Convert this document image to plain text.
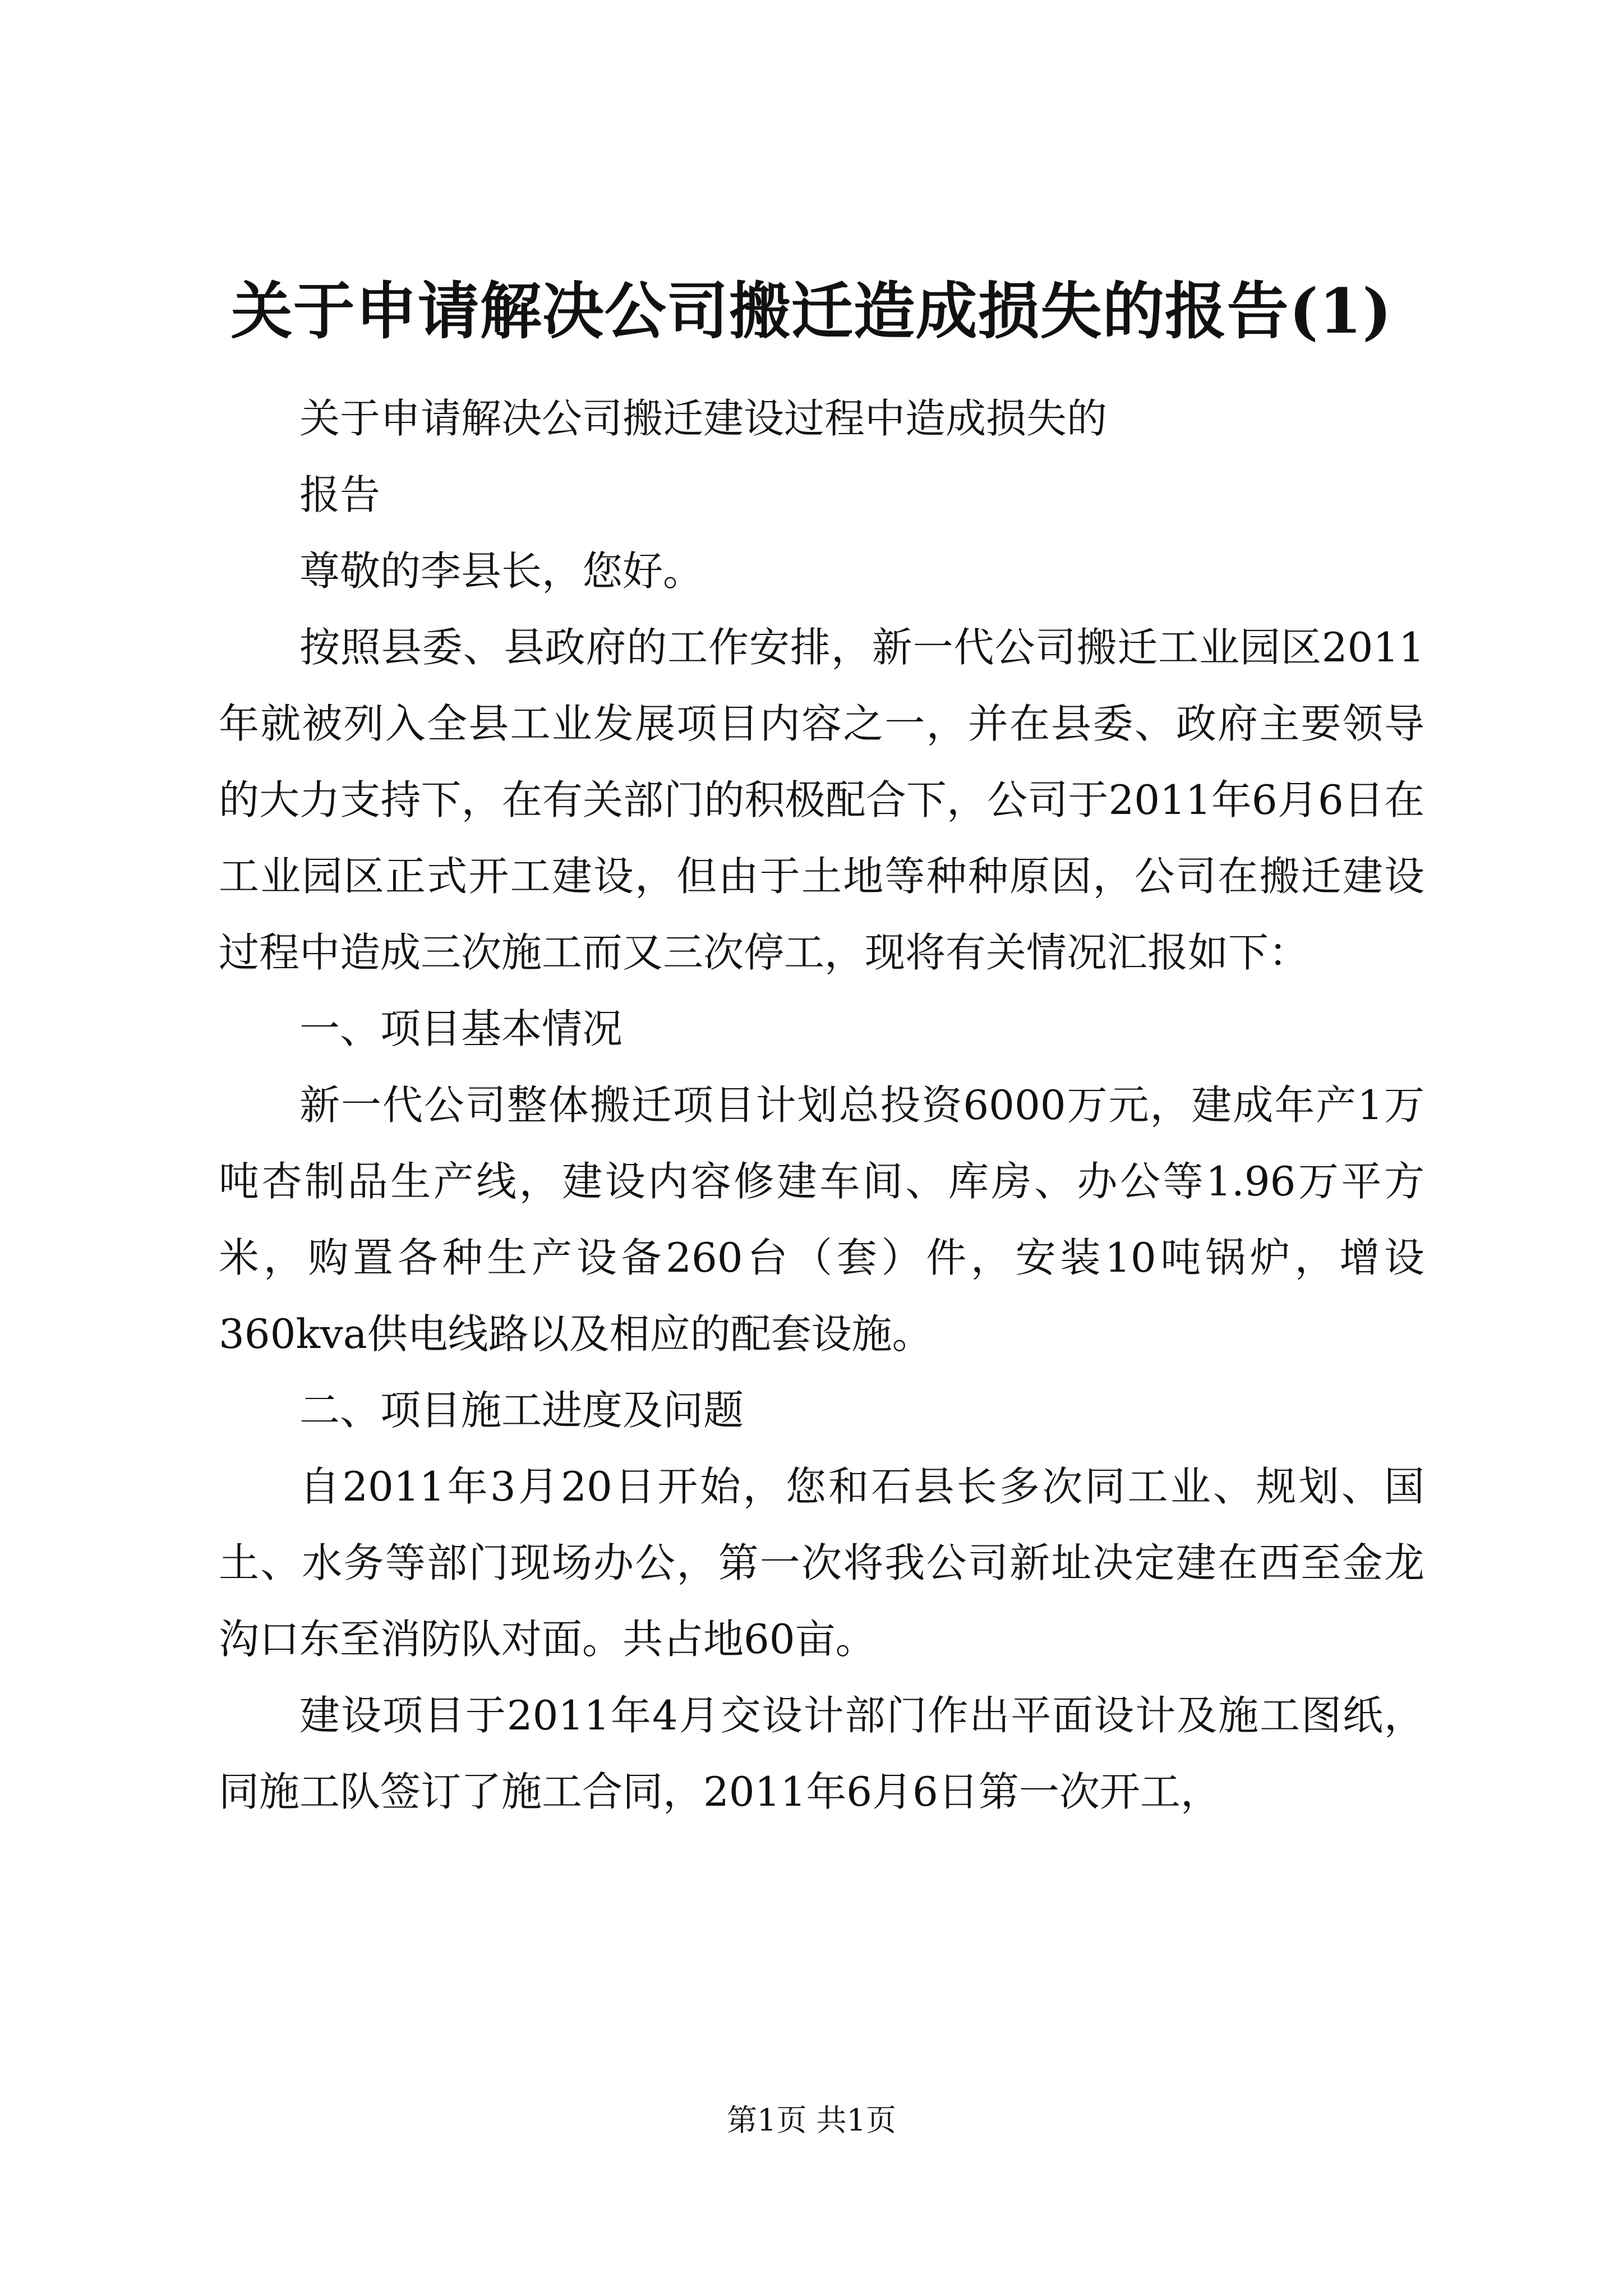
关于申请解决公司搬迁造成损失的报告(1)

关于申请解决公司搬迁建设过程中造成损失的

报告

尊敬的李县长，您好。

按照县委、县政府的工作安排，新一代公司搬迁工业园区2011年就被列入全县工业发展项目内容之一，并在县委、政府主要领导的大力支持下，在有关部门的积极配合下，公司于2011年6月6日在工业园区正式开工建设，但由于土地等种种原因，公司在搬迁建设过程中造成三次施工而又三次停工，现将有关情况汇报如下：

一、项目基本情况

新一代公司整体搬迁项目计划总投资6000万元，建成年产1万吨杏制品生产线，建设内容修建车间、库房、办公等1.96万平方米，购置各种生产设备260台（套）件，安装10吨锅炉，增设360kva供电线路以及相应的配套设施。

二、项目施工进度及问题

自2011年3月20日开始，您和石县长多次同工业、规划、国土、水务等部门现场办公，第一次将我公司新址决定建在西至金龙沟口东至消防队对面。共占地60亩。

建设项目于2011年4月交设计部门作出平面设计及施工图纸，同施工队签订了施工合同，2011年6月6日第一次开工，

第1页 共1页
